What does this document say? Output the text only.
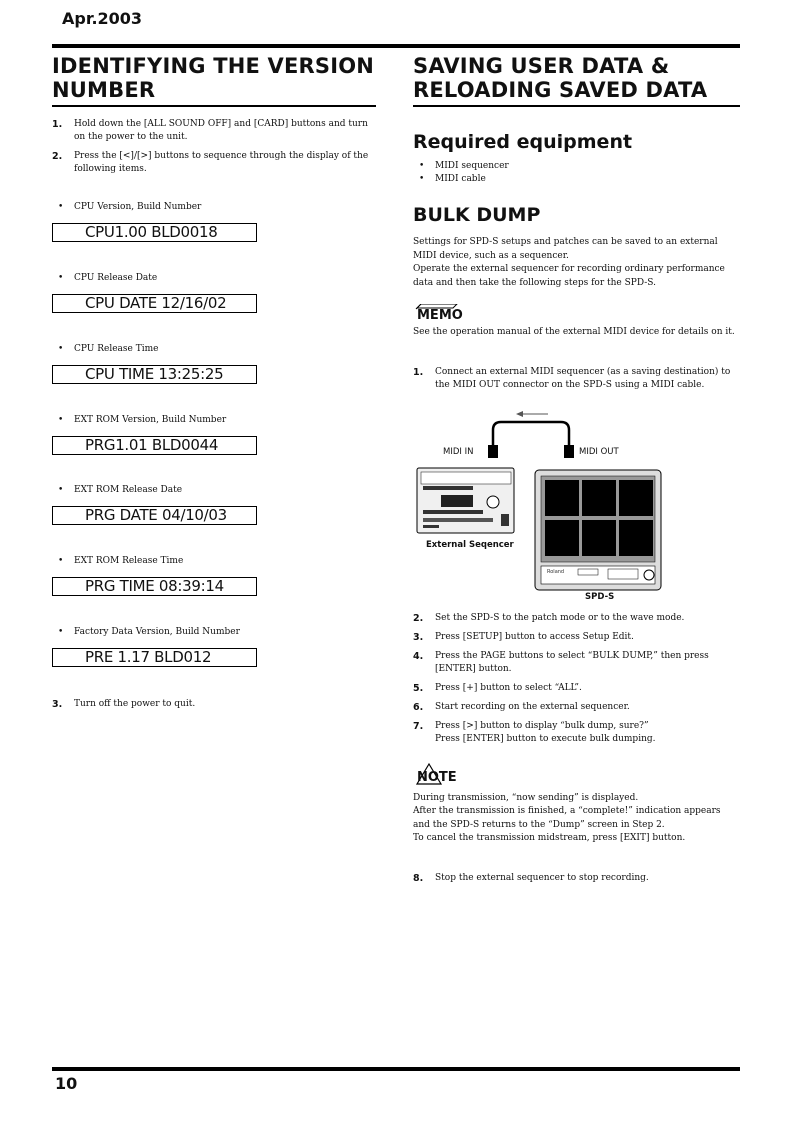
Apr.2003
IDENTIFYING THE VERSION
NUMBER
1. Hold down the [ALL SOUND OFF] and [CARD] buttons and turn on the power to the unit.
2. Press the [<]/[>] buttons to sequence through the display of the following items.
• CPU Version, Build Number
CPU1.00 BLD0018
• CPU Release Date
CPU DATE 12/16/02
• CPU Release Time
CPU TIME 13:25:25
• EXT ROM Version, Build Number
PRG1.01 BLD0044
• EXT ROM Release Date
PRG DATE 04/10/03
• EXT ROM Release Time
PRG TIME 08:39:14
• Factory Data Version, Build Number
PRE 1.17 BLD012
3. Turn off the power to quit.
SAVING USER DATA &
RELOADING SAVED DATA
Required equipment
• MIDI sequencer
• MIDI cable
BULK DUMP

Settings for SPD-S setups and patches can be saved to an external MIDI device, such as a sequencer.

Operate the external sequencer for recording ordinary performance data and then take the following steps for the SPD-S.

MEMO

See the operation manual of the external MIDI device for details on it.

1. Connect an external MIDI sequencer (as a saving destination) to the MIDI OUT connector on the SPD-S using a MIDI cable.
MIDI IN	MIDI OUT
External Seqencer
Roland
SPD-S
2. Set the SPD-S to the patch mode or to the wave mode.
3. Press [SETUP] button to access Setup Edit.
4. Press the PAGE buttons to select “BULK DUMP,” then press [ENTER] button.
5. Press [+] button to select “ALL”.
6. Start recording on the external sequencer.
7. Press [>] button to display “bulk dump, sure?”
Press [ENTER] button to execute bulk dumping.
NOTE

During transmission, “now sending” is displayed.

After the transmission is finished, a “complete!” indication appears and the SPD-S returns to the “Dump” screen in Step 2.

To cancel the transmission midstream, press [EXIT] button.

8. Stop the external sequencer to stop recording.
10
